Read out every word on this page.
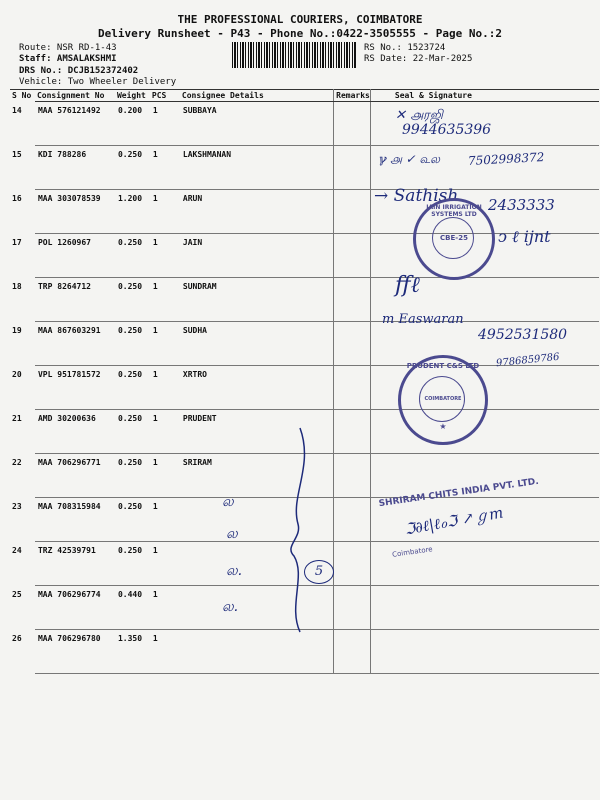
THE PROFESSIONAL COURIERS, COIMBATORE
Delivery Runsheet - P43 - Phone No.:0422-3505555 - Page No.:2
Route: NSR RD-1-43
Staff: AMSALAKSHMI
DRS No.: DCJB152372402
Vehicle: Two Wheeler Delivery
RS No.: 1523724
RS Date: 22-Mar-2025
S No	Consignment No	Weight	PCS	Consignee Details	Remarks	Seal & Signature
14	MAA 576121492	0.200	1	SUBBAYA		
15	KDI 788286	0.250	1	LAKSHMANAN		
16	MAA 303078539	1.200	1	ARUN		
17	POL 1260967	0.250	1	JAIN		
18	TRP 8264712	0.250	1	SUNDRAM		
19	MAA 867603291	0.250	1	SUDHA		
20	VPL 951781572	0.250	1	XRTRO		
21	AMD 30200636	0.250	1	PRUDENT		
22	MAA 706296771	0.250	1	SRIRAM		
23	MAA 708315984	0.250	1			
24	TRZ 42539791	0.250	1			
25	MAA 706296774	0.440	1			
26	MAA 706296780	1.350	1			
✕ ௮ரஜி
9944635396
ℽ ௮ ✓ ௳ல 7502998372
→ Sathish 2433333
ↄ ℓ ijnt
ﬀℓ
m Easwaran
4952531580
9786859786
ல
ல
ல.
ல.
5
JAIN IRRIGATION SYSTEMS LTD
CBE-25
PRUDENT C&S LTD
COIMBATORE
★
SHRIRAM CHITS INDIA PVT. LTD.
Coimbatore
ℑ∂ℓ|ℓℴℑ ↗ℊm
